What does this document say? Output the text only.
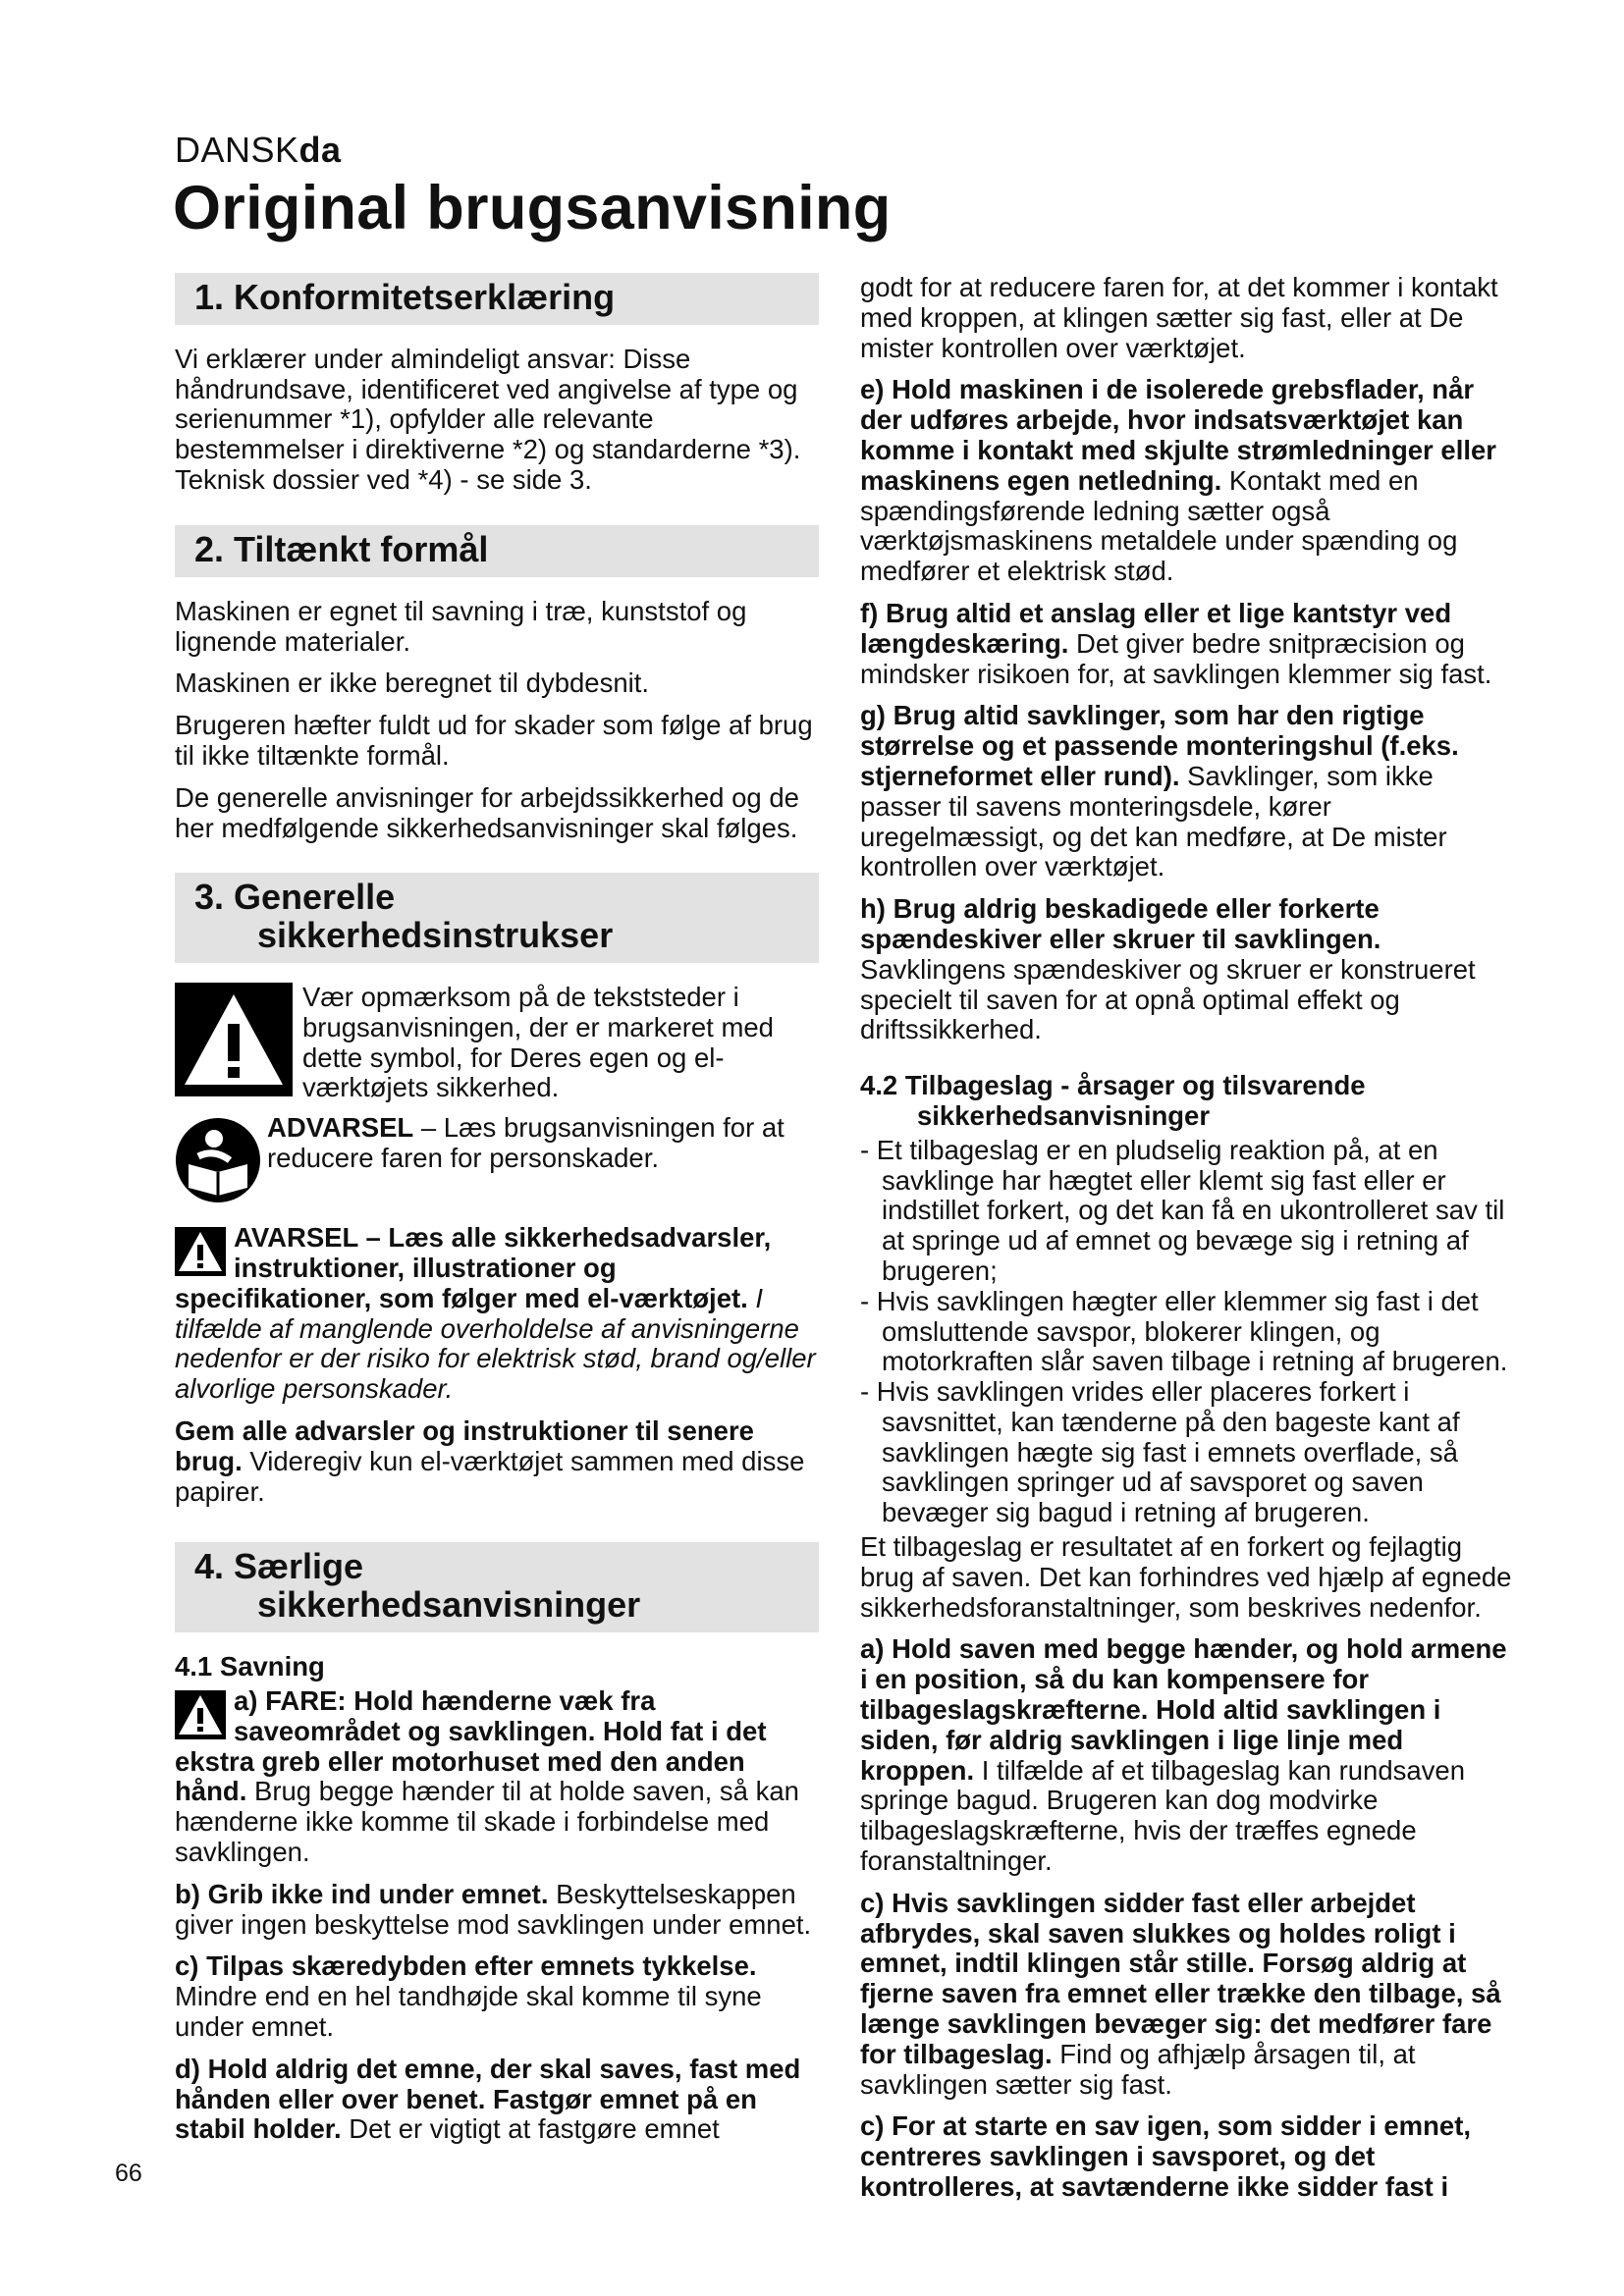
DANSKda
Original brugsanvisning
1. Konformitetserklæring

Vi erklærer under almindeligt ansvar: Disse håndrundsave, identificeret ved angivelse af type og serienummer *1), opfylder alle relevante bestemmelser i direktiverne *2) og standarderne *3). Teknisk dossier ved *4) - se side 3.

2. Tiltænkt formål

Maskinen er egnet til savning i træ, kunststof og lignende materialer.

Maskinen er ikke beregnet til dybdesnit.

Brugeren hæfter fuldt ud for skader som følge af brug til ikke tiltænkte formål.

De generelle anvisninger for arbejdssikkerhed og de her medfølgende sikkerhedsanvisninger skal følges.

3. Generelle
sikkerhedsinstrukser
Vær opmærksom på de tekststeder i brugsanvisningen, der er markeret med dette symbol, for Deres egen og el-værktøjets sikkerhed.
ADVARSEL – Læs brugsanvisningen for at reducere faren for personskader.

AVARSEL – Læs alle sikkerhedsadvarsler, instruktioner, illustrationer og specifikationer, som følger med el-værktøjet. I tilfælde af manglende overholdelse af anvisningerne nedenfor er der risiko for elektrisk stød, brand og/eller alvorlige personskader.

Gem alle advarsler og instruktioner til senere brug. Videregiv kun el-værktøjet sammen med disse papirer.

4. Særlige
sikkerhedsanvisninger
4.1 Savning

a) FARE: Hold hænderne væk fra saveområdet og savklingen. Hold fat i det ekstra greb eller motorhuset med den anden hånd. Brug begge hænder til at holde saven, så kan hænderne ikke komme til skade i forbindelse med savklingen.

b) Grib ikke ind under emnet. Beskyttelseskappen giver ingen beskyttelse mod savklingen under emnet.

c) Tilpas skæredybden efter emnets tykkelse. Mindre end en hel tandhøjde skal komme til syne under emnet.

d) Hold aldrig det emne, der skal saves, fast med hånden eller over benet. Fastgør emnet på en stabil holder. Det er vigtigt at fastgøre emnet

godt for at reducere faren for, at det kommer i kontakt med kroppen, at klingen sætter sig fast, eller at De mister kontrollen over værktøjet.

e) Hold maskinen i de isolerede grebsflader, når der udføres arbejde, hvor indsatsværktøjet kan komme i kontakt med skjulte strømledninger eller maskinens egen netledning. Kontakt med en spændingsførende ledning sætter også værktøjsmaskinens metaldele under spænding og medfører et elektrisk stød.

f) Brug altid et anslag eller et lige kantstyr ved længdeskæring. Det giver bedre snitpræcision og mindsker risikoen for, at savklingen klemmer sig fast.

g) Brug altid savklinger, som har den rigtige størrelse og et passende monteringshul (f.eks. stjerneformet eller rund). Savklinger, som ikke passer til savens monteringsdele, kører uregelmæssigt, og det kan medføre, at De mister kontrollen over værktøjet.

h) Brug aldrig beskadigede eller forkerte spændeskiver eller skruer til savklingen. Savklingens spændeskiver og skruer er konstrueret specielt til saven for at opnå optimal effekt og driftssikkerhed.

4.2 Tilbageslag - årsager og tilsvarende sikkerhedsanvisninger

- Et tilbageslag er en pludselig reaktion på, at en savklinge har hægtet eller klemt sig fast eller er indstillet forkert, og det kan få en ukontrolleret sav til at springe ud af emnet og bevæge sig i retning af brugeren;

- Hvis savklingen hægter eller klemmer sig fast i det omsluttende savspor, blokerer klingen, og motorkraften slår saven tilbage i retning af brugeren.

- Hvis savklingen vrides eller placeres forkert i savsnittet, kan tænderne på den bageste kant af savklingen hægte sig fast i emnets overflade, så savklingen springer ud af savsporet og saven bevæger sig bagud i retning af brugeren.

Et tilbageslag er resultatet af en forkert og fejlagtig brug af saven. Det kan forhindres ved hjælp af egnede sikkerhedsforanstaltninger, som beskrives nedenfor.

a) Hold saven med begge hænder, og hold armene i en position, så du kan kompensere for tilbageslagskræfterne. Hold altid savklingen i siden, før aldrig savklingen i lige linje med kroppen. I tilfælde af et tilbageslag kan rundsaven springe bagud. Brugeren kan dog modvirke tilbageslagskræfterne, hvis der træffes egnede foranstaltninger.

c) Hvis savklingen sidder fast eller arbejdet afbrydes, skal saven slukkes og holdes roligt i emnet, indtil klingen står stille. Forsøg aldrig at fjerne saven fra emnet eller trække den tilbage, så længe savklingen bevæger sig: det medfører fare for tilbageslag. Find og afhjælp årsagen til, at savklingen sætter sig fast.

c) For at starte en sav igen, som sidder i emnet, centreres savklingen i savsporet, og det kontrolleres, at savtænderne ikke sidder fast i

66
